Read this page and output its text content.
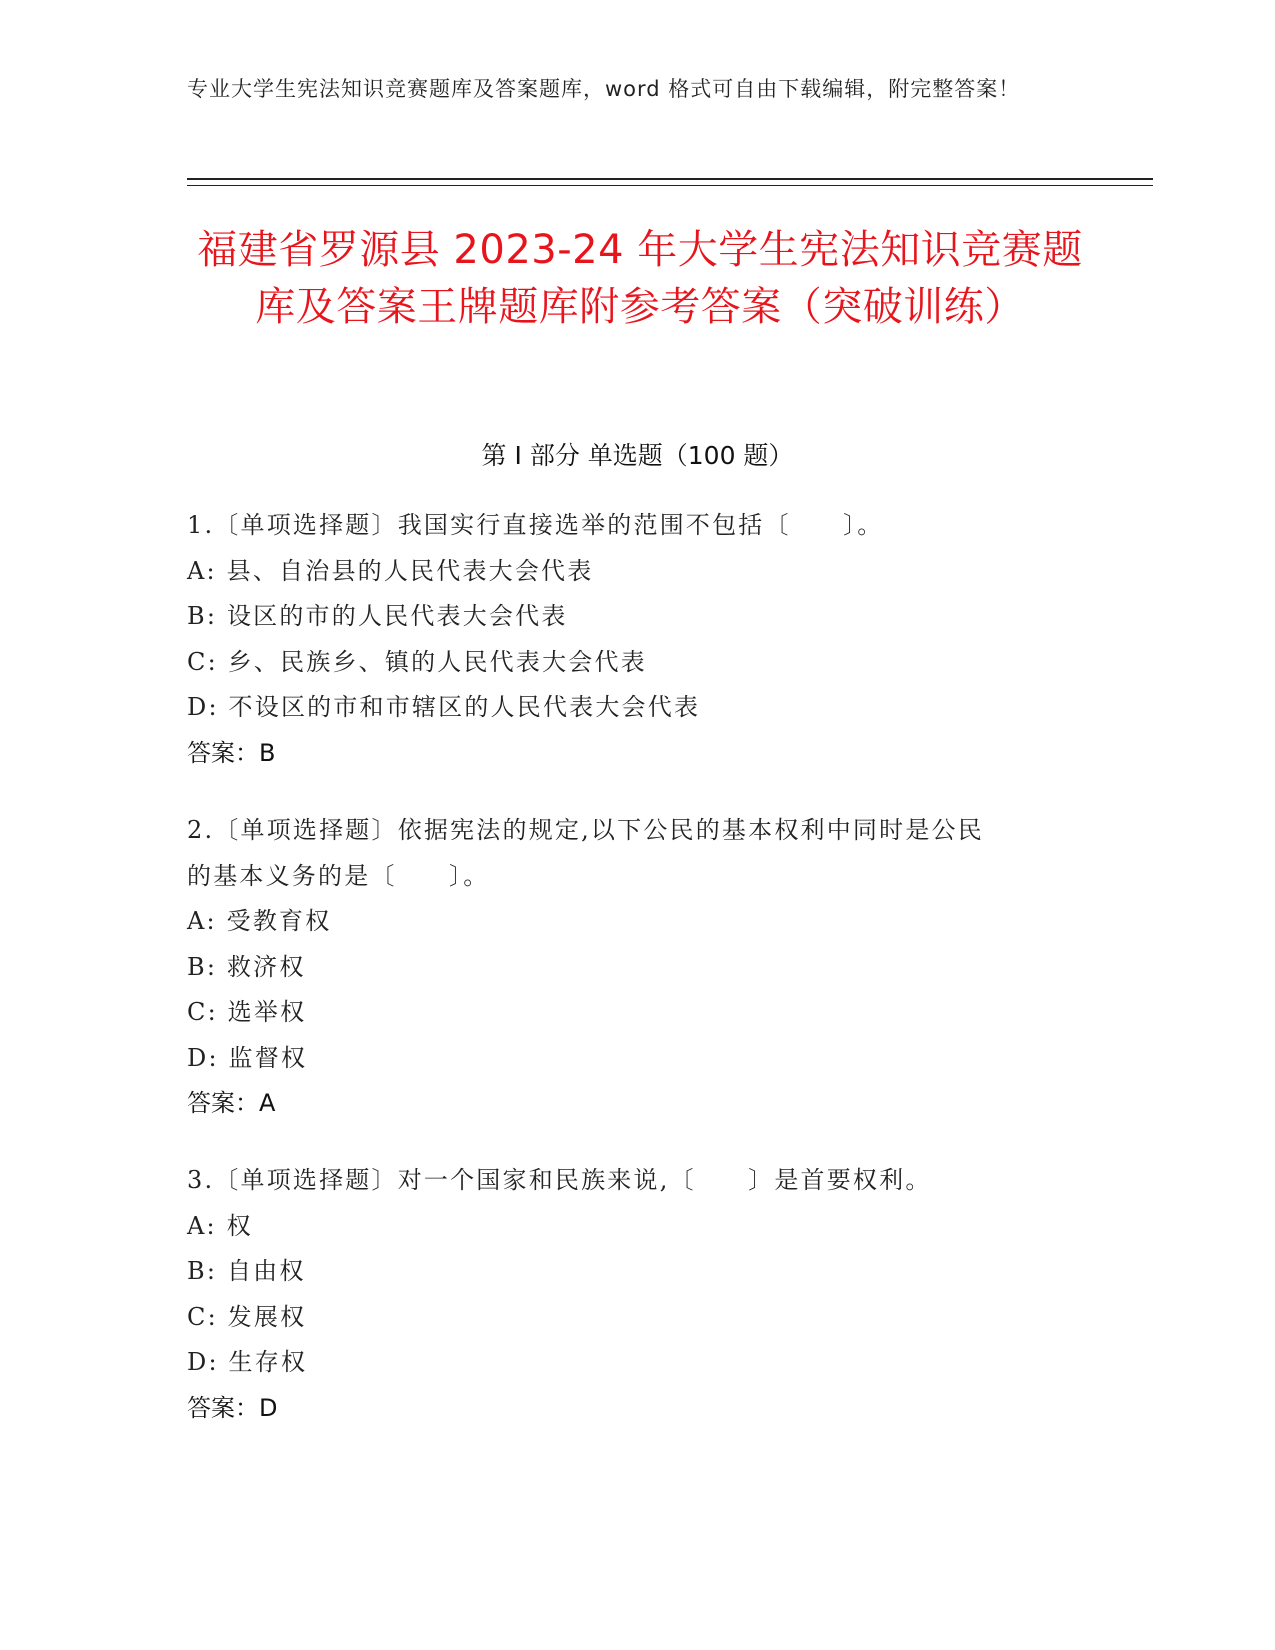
专业大学生宪法知识竞赛题库及答案题库，word 格式可自由下载编辑，附完整答案！
福建省罗源县 2023-24 年大学生宪法知识竞赛题库及答案王牌题库附参考答案（突破训练）
第 I 部分 单选题（100 题）
1.〔单项选择题〕我国实行直接选举的范围不包括〔　　〕。
A: 县、自治县的人民代表大会代表
B: 设区的市的人民代表大会代表
C: 乡、民族乡、镇的人民代表大会代表
D: 不设区的市和市辖区的人民代表大会代表
答案：B
2.〔单项选择题〕依据宪法的规定,以下公民的基本权利中同时是公民
的基本义务的是〔　　〕。
A: 受教育权
B: 救济权
C: 选举权
D: 监督权
答案：A
3.〔单项选择题〕对一个国家和民族来说,〔　　〕是首要权利。
A: 权
B: 自由权
C: 发展权
D: 生存权
答案：D
